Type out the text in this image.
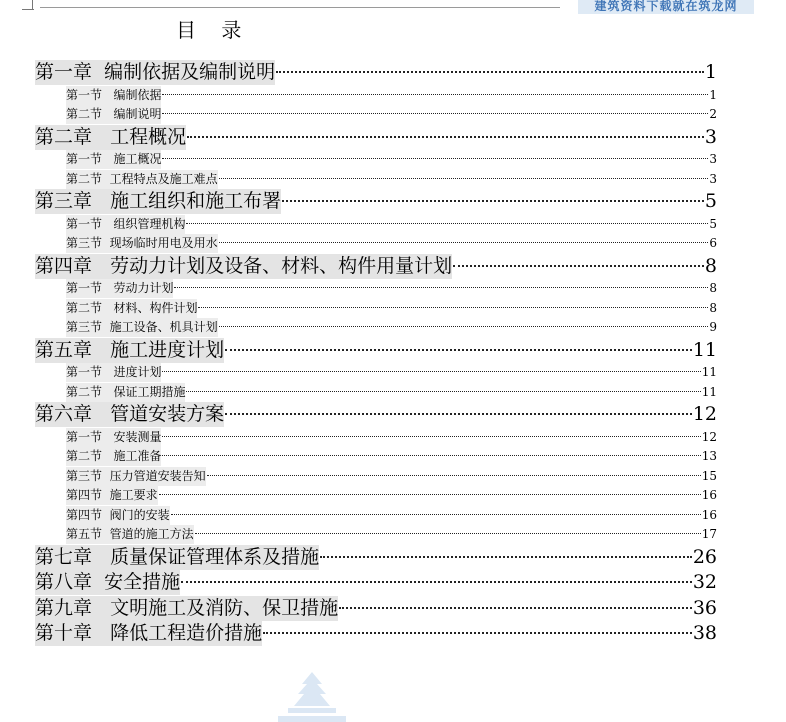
建筑资料下载就在筑龙网
目    录
第一章  编制依据及编制说明	1
第一节   编制依据	1
第二节   编制说明	2
第二章   工程概况	3
第一节   施工概况	3
第二节  工程特点及施工难点	3
第三章   施工组织和施工布署	5
第一节   组织管理机构	5
第三节  现场临时用电及用水	6
第四章   劳动力计划及设备、材料、构件用量计划	8
第一节   劳动力计划	8
第二节   材料、构件计划	8
第三节  施工设备、机具计划	9
第五章   施工进度计划	11
第一节   进度计划	11
第二节   保证工期措施	11
第六章   管道安装方案	12
第一节   安装测量	12
第二节   施工准备	13
第三节  压力管道安装告知	15
第四节  施工要求	16
第四节  阀门的安装	16
第五节  管道的施工方法	17
第七章   质量保证管理体系及措施	26
第八章  安全措施	32
第九章   文明施工及消防、保卫措施	36
第十章   降低工程造价措施	38
